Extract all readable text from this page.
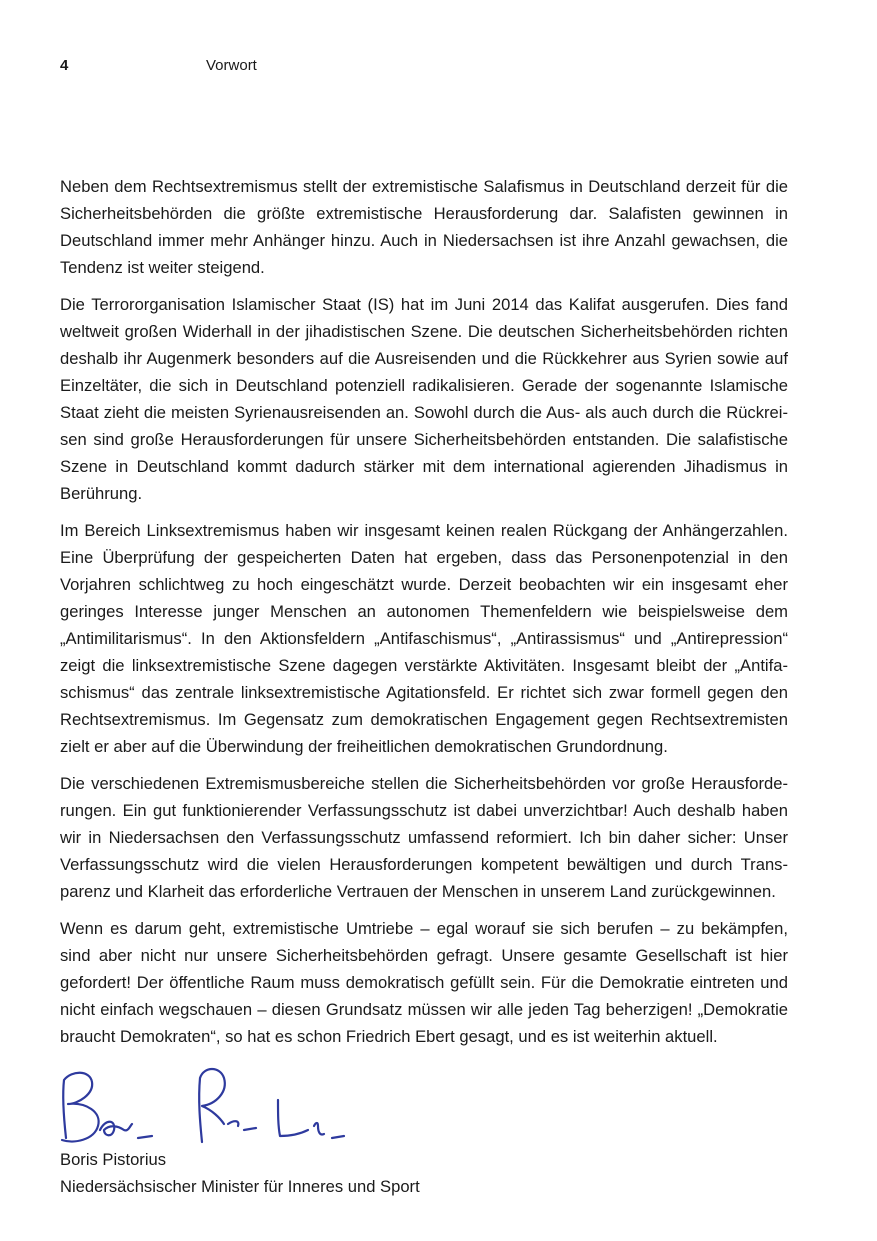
4	Vorwort

Neben dem Rechtsextremismus stellt der extremistische Salafismus in Deutschland derzeit für die Sicherheitsbehörden die größte extremistische Herausforderung dar. Salafisten gewinnen in Deutschland immer mehr Anhänger hinzu. Auch in Niedersachsen ist ihre Anzahl gewachsen, die Tendenz ist weiter steigend.

Die Terrororganisation Islamischer Staat (IS) hat im Juni 2014 das Kalifat ausgerufen. Dies fand weltweit großen Widerhall in der jihadistischen Szene. Die deutschen Sicherheitsbehörden richten deshalb ihr Augenmerk besonders auf die Ausreisenden und die Rückkehrer aus Syrien sowie auf Einzeltäter, die sich in Deutschland potenziell radikalisieren. Gerade der sogenannte Islamische Staat zieht die meisten Syrienausreisenden an. Sowohl durch die Aus- als auch durch die Rückreisen sind große Herausforderungen für unsere Sicherheitsbehörden entstanden. Die salafistische Szene in Deutschland kommt dadurch stärker mit dem international agierenden Jihadismus in Berührung.

Im Bereich Linksextremismus haben wir insgesamt keinen realen Rückgang der Anhängerzahlen. Eine Überprüfung der gespeicherten Daten hat ergeben, dass das Personenpotenzial in den Vorjahren schlichtweg zu hoch eingeschätzt wurde. Derzeit beobachten wir ein insgesamt eher geringes Interesse junger Menschen an autonomen Themenfeldern wie beispielsweise dem „Antimilitarismus“. In den Aktionsfeldern „Antifaschismus“, „Antirassismus“ und „Antirepression“ zeigt die linksextremistische Szene dagegen verstärkte Aktivitäten. Insgesamt bleibt der „Antifaschismus“ das zentrale linksextremistische Agitationsfeld. Er richtet sich zwar formell gegen den Rechtsextremismus. Im Gegensatz zum demokratischen Engagement gegen Rechtsextremisten zielt er aber auf die Überwindung der freiheitlichen demokratischen Grundordnung.

Die verschiedenen Extremismusbereiche stellen die Sicherheitsbehörden vor große Herausforderungen. Ein gut funktionierender Verfassungsschutz ist dabei unverzichtbar! Auch deshalb haben wir in Niedersachsen den Verfassungsschutz umfassend reformiert. Ich bin daher sicher: Unser Verfassungsschutz wird die vielen Herausforderungen kompetent bewältigen und durch Transparenz und Klarheit das erforderliche Vertrauen der Menschen in unserem Land zurückgewinnen.

Wenn es darum geht, extremistische Umtriebe – egal worauf sie sich berufen – zu bekämpfen, sind aber nicht nur unsere Sicherheitsbehörden gefragt. Unsere gesamte Gesellschaft ist hier gefordert! Der öffentliche Raum muss demokratisch gefüllt sein. Für die Demokratie eintreten und nicht einfach wegschauen – diesen Grundsatz müssen wir alle jeden Tag beherzigen! „Demokratie braucht Demokraten“, so hat es schon Friedrich Ebert gesagt, und es ist weiterhin aktuell.

Boris Pistorius
Niedersächsischer Minister für Inneres und Sport
